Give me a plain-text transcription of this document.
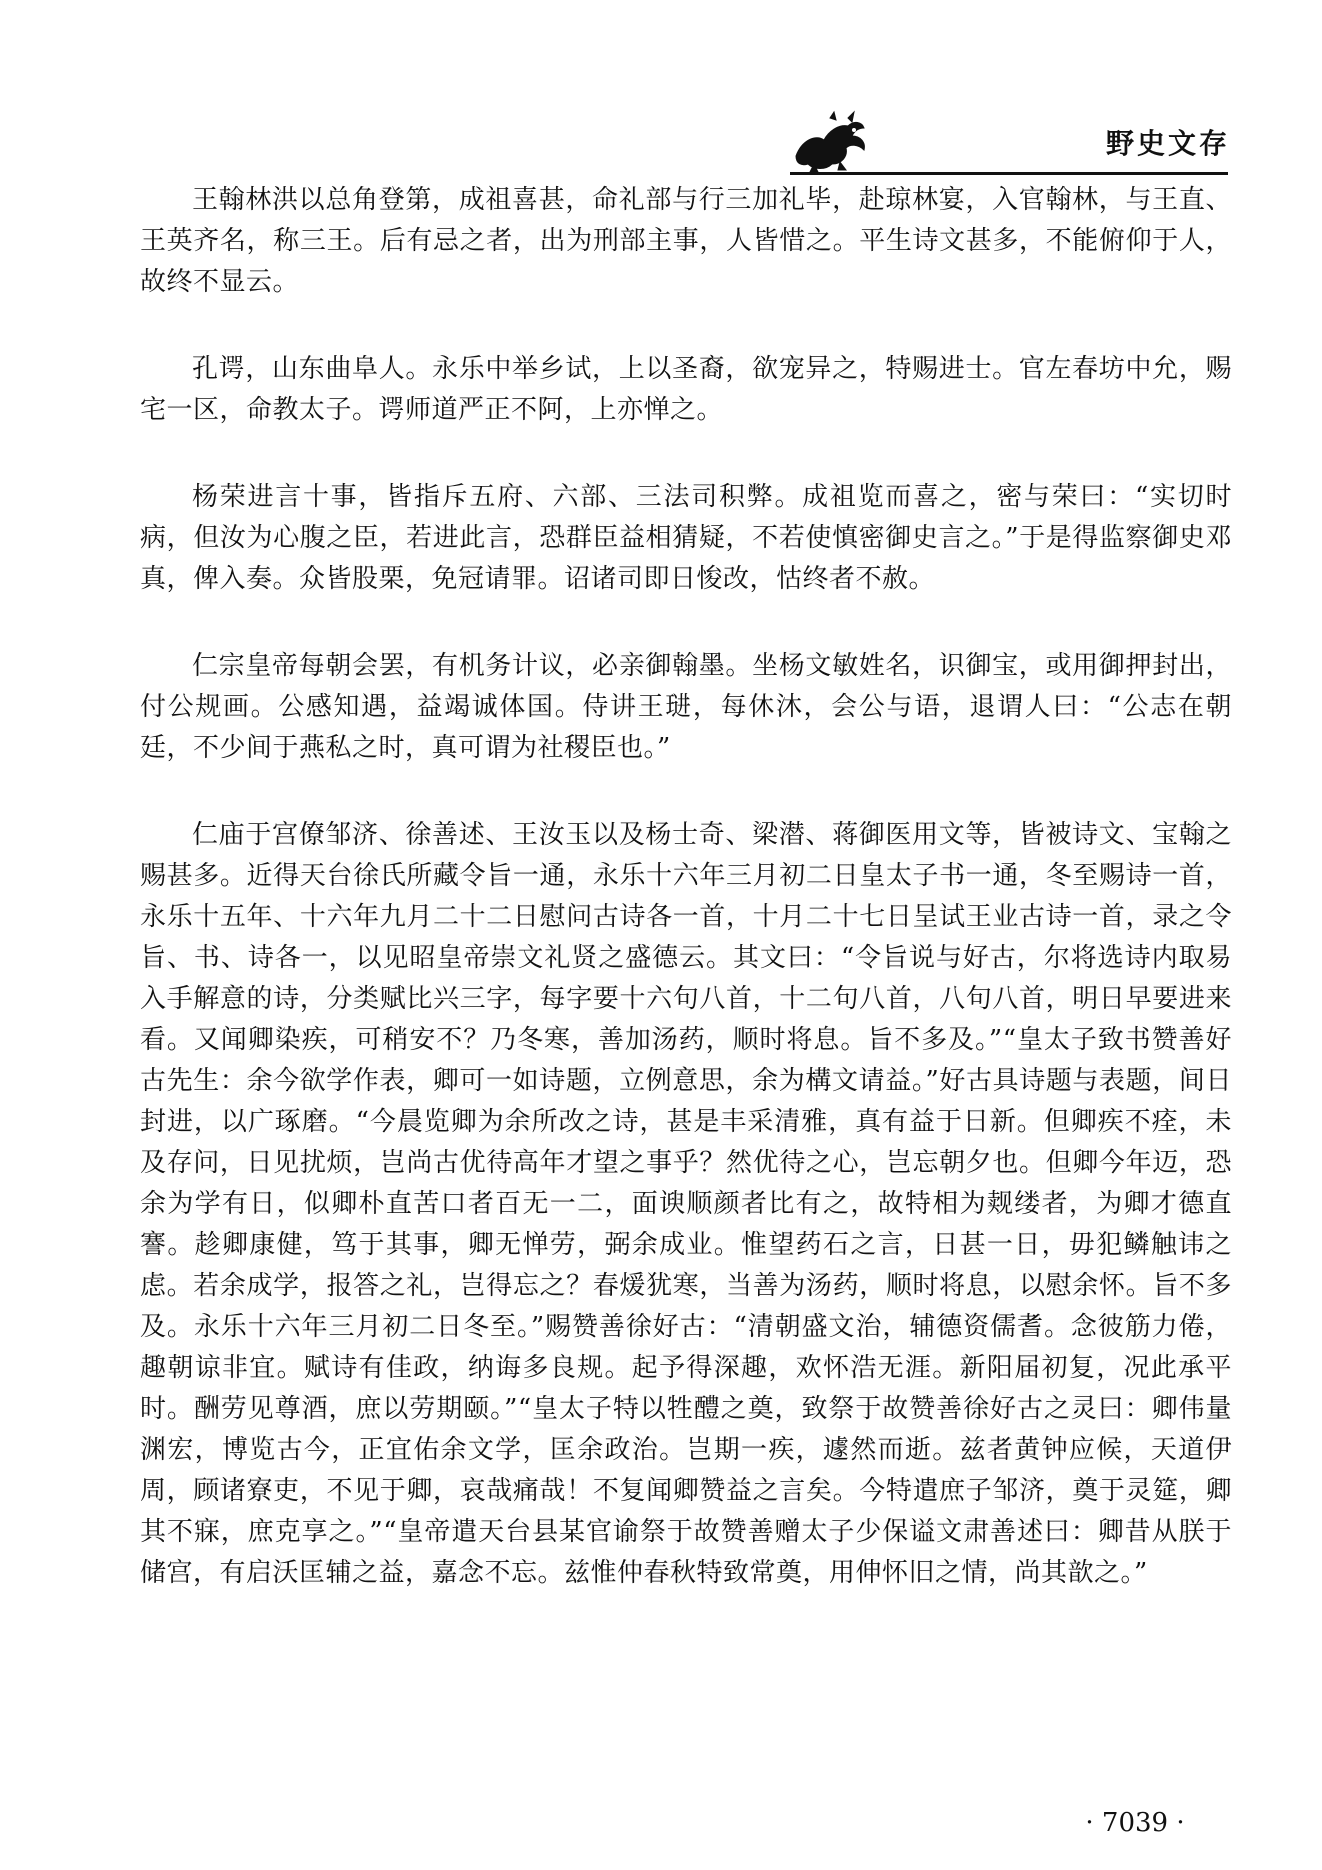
野史文存

王翰林洪以总角登第，成祖喜甚，命礼部与行三加礼毕，赴琼林宴，入官翰林，与王直、王英齐名，称三王。后有忌之者，出为刑部主事，人皆惜之。平生诗文甚多，不能俯仰于人，故终不显云。

孔谔，山东曲阜人。永乐中举乡试，上以圣裔，欲宠异之，特赐进士。官左春坊中允，赐宅一区，命教太子。谔师道严正不阿，上亦惮之。

杨荣进言十事，皆指斥五府、六部、三法司积弊。成祖览而喜之，密与荣曰：“实切时病，但汝为心腹之臣，若进此言，恐群臣益相猜疑，不若使慎密御史言之。”于是得监察御史邓真，俾入奏。众皆股栗，免冠请罪。诏诸司即日悛改，怙终者不赦。

仁宗皇帝每朝会罢，有机务计议，必亲御翰墨。坐杨文敏姓名，识御宝，或用御押封出，付公规画。公感知遇，益竭诚体国。侍讲王琎，每休沐，会公与语，退谓人曰：“公志在朝廷，不少间于燕私之时，真可谓为社稷臣也。”

仁庙于宫僚邹济、徐善述、王汝玉以及杨士奇、梁潜、蒋御医用文等，皆被诗文、宝翰之赐甚多。近得天台徐氏所藏令旨一通，永乐十六年三月初二日皇太子书一通，冬至赐诗一首，永乐十五年、十六年九月二十二日慰问古诗各一首，十月二十七日呈试王业古诗一首，录之令旨、书、诗各一，以见昭皇帝崇文礼贤之盛德云。其文曰：“令旨说与好古，尔将选诗内取易入手解意的诗，分类赋比兴三字，每字要十六句八首，十二句八首，八句八首，明日早要进来看。又闻卿染疾，可稍安不？乃冬寒，善加汤药，顺时将息。旨不多及。”“皇太子致书赞善好古先生：余今欲学作表，卿可一如诗题，立例意思，余为構文请益。”好古具诗题与表题，间日封进，以广琢磨。“今晨览卿为余所改之诗，甚是丰采清雅，真有益于日新。但卿疾不痊，未及存问，日见扰烦，岂尚古优待高年才望之事乎？然优待之心，岂忘朝夕也。但卿今年迈，恐余为学有日，似卿朴直苦口者百无一二，面谀顺颜者比有之，故特相为觌缕者，为卿才德直謇。趁卿康健，笃于其事，卿无惮劳，弼余成业。惟望药石之言，日甚一日，毋犯鳞触讳之虑。若余成学，报答之礼，岂得忘之？春煖犹寒，当善为汤药，顺时将息，以慰余怀。旨不多及。永乐十六年三月初二日冬至。”赐赞善徐好古：“清朝盛文治，辅德资儒耆。念彼筋力倦，趣朝谅非宜。赋诗有佳政，纳诲多良规。起予得深趣，欢怀浩无涯。新阳届初复，况此承平时。酬劳见尊酒，庶以劳期颐。”“皇太子特以牲醴之奠，致祭于故赞善徐好古之灵曰：卿伟量渊宏，博览古今，正宜佑余文学，匡余政治。岂期一疾，遽然而逝。兹者黄钟应候，天道伊周，顾诸寮吏，不见于卿，哀哉痛哉！不复闻卿赞益之言矣。今特遣庶子邹济，奠于灵筵，卿其不寐，庶克享之。”“皇帝遣天台县某官谕祭于故赞善赠太子少保谥文肃善述曰：卿昔从朕于储宫，有启沃匡辅之益，嘉念不忘。兹惟仲春秋特致常奠，用伸怀旧之情，尚其歆之。”

· 7039 ·
